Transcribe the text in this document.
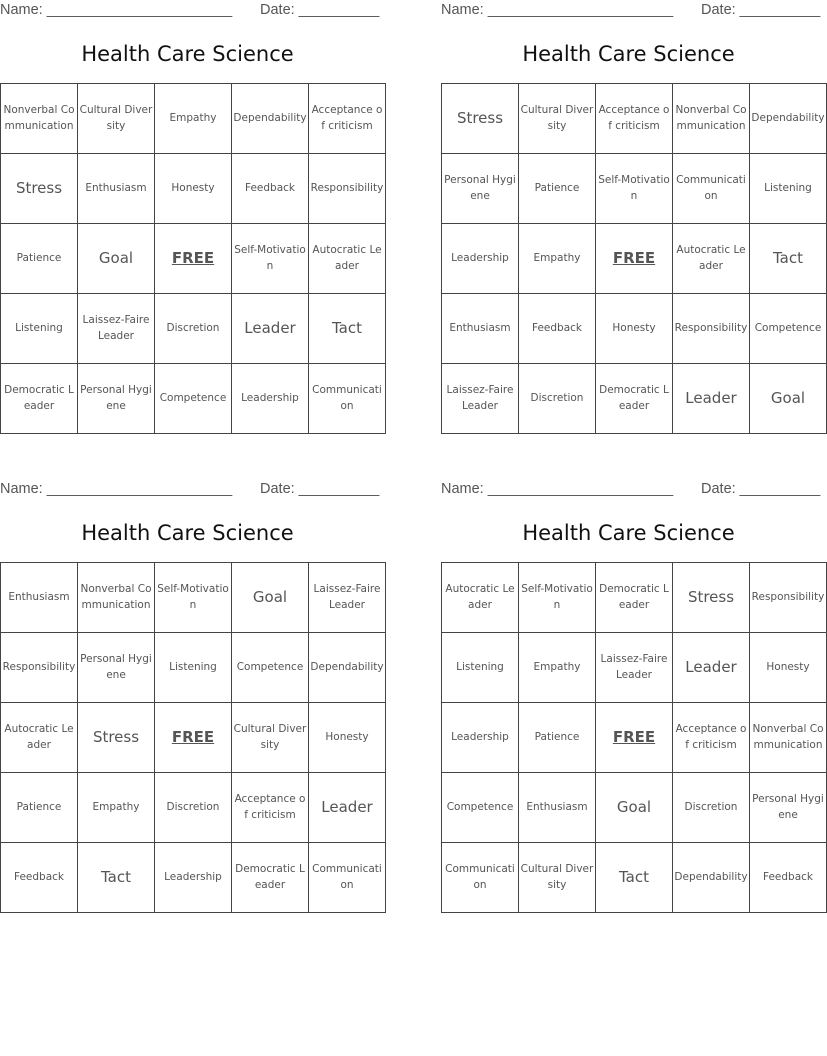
Name: _______________________ Date: __________
Health Care Science
Nonverbal Communication	Cultural Diversity	Empathy	Dependability	Acceptance of criticism
Stress	Enthusiasm	Honesty	Feedback	Responsibility
Patience	Goal	FREE	Self-Motivation	Autocratic Leader
Listening	Laissez-Faire Leader	Discretion	Leader	Tact
Democratic Leader	Personal Hygiene	Competence	Leadership	Communication
Name: _______________________ Date: __________
Health Care Science
Stress	Cultural Diversity	Acceptance of criticism	Nonverbal Communication	Dependability
Personal Hygiene	Patience	Self-Motivation	Communication	Listening
Leadership	Empathy	FREE	Autocratic Leader	Tact
Enthusiasm	Feedback	Honesty	Responsibility	Competence
Laissez-Faire Leader	Discretion	Democratic Leader	Leader	Goal
Name: _______________________ Date: __________
Health Care Science
Enthusiasm	Nonverbal Communication	Self-Motivation	Goal	Laissez-Faire Leader
Responsibility	Personal Hygiene	Listening	Competence	Dependability
Autocratic Leader	Stress	FREE	Cultural Diversity	Honesty
Patience	Empathy	Discretion	Acceptance of criticism	Leader
Feedback	Tact	Leadership	Democratic Leader	Communication
Name: _______________________ Date: __________
Health Care Science
Autocratic Leader	Self-Motivation	Democratic Leader	Stress	Responsibility
Listening	Empathy	Laissez-Faire Leader	Leader	Honesty
Leadership	Patience	FREE	Acceptance of criticism	Nonverbal Communication
Competence	Enthusiasm	Goal	Discretion	Personal Hygiene
Communication	Cultural Diversity	Tact	Dependability	Feedback
